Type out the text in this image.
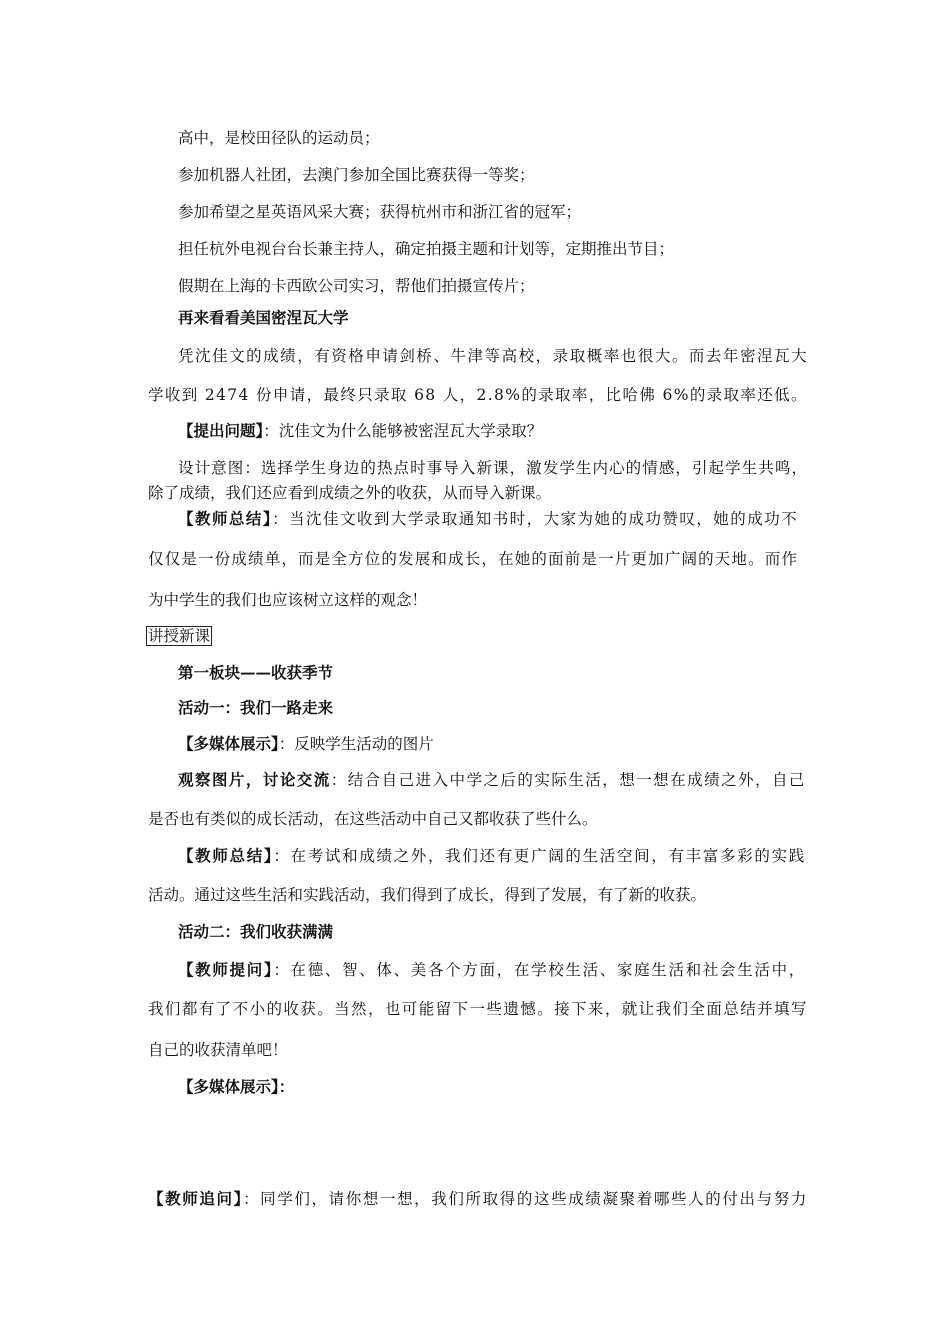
高中，是校田径队的运动员；
参加机器人社团，去澳门参加全国比赛获得一等奖；
参加希望之星英语风采大赛；获得杭州市和浙江省的冠军；
担任杭外电视台台长兼主持人，确定拍摄主题和计划等，定期推出节目；
假期在上海的卡西欧公司实习，帮他们拍摄宣传片；
再来看看美国密涅瓦大学
凭沈佳文的成绩，有资格申请剑桥、牛津等高校，录取概率也很大。而去年密涅瓦大
学收到 2474 份申请，最终只录取 68 人，2.8%的录取率，比哈佛 6%的录取率还低。
【提出问题】：沈佳文为什么能够被密涅瓦大学录取？
设计意图：选择学生身边的热点时事导入新课，激发学生内心的情感，引起学生共鸣，
除了成绩，我们还应看到成绩之外的收获，从而导入新课。
【教师总结】：当沈佳文收到大学录取通知书时，大家为她的成功赞叹，她的成功不
仅仅是一份成绩单，而是全方位的发展和成长，在她的面前是一片更加广阔的天地。而作
为中学生的我们也应该树立这样的观念！
讲授新课
第一板块——收获季节
活动一：我们一路走来
【多媒体展示】：反映学生活动的图片
观察图片，讨论交流：结合自己进入中学之后的实际生活，想一想在成绩之外，自己
是否也有类似的成长活动，在这些活动中自己又都收获了些什么。
【教师总结】：在考试和成绩之外，我们还有更广阔的生活空间，有丰富多彩的实践
活动。通过这些生活和实践活动，我们得到了成长，得到了发展，有了新的收获。
活动二：我们收获满满
【教师提问】：在德、智、体、美各个方面，在学校生活、家庭生活和社会生活中，
我们都有了不小的收获。当然，也可能留下一些遗憾。接下来，就让我们全面总结并填写
自己的收获清单吧！
【多媒体展示】：
【教师追问】：同学们，请你想一想，我们所取得的这些成绩凝聚着哪些人的付出与努力
